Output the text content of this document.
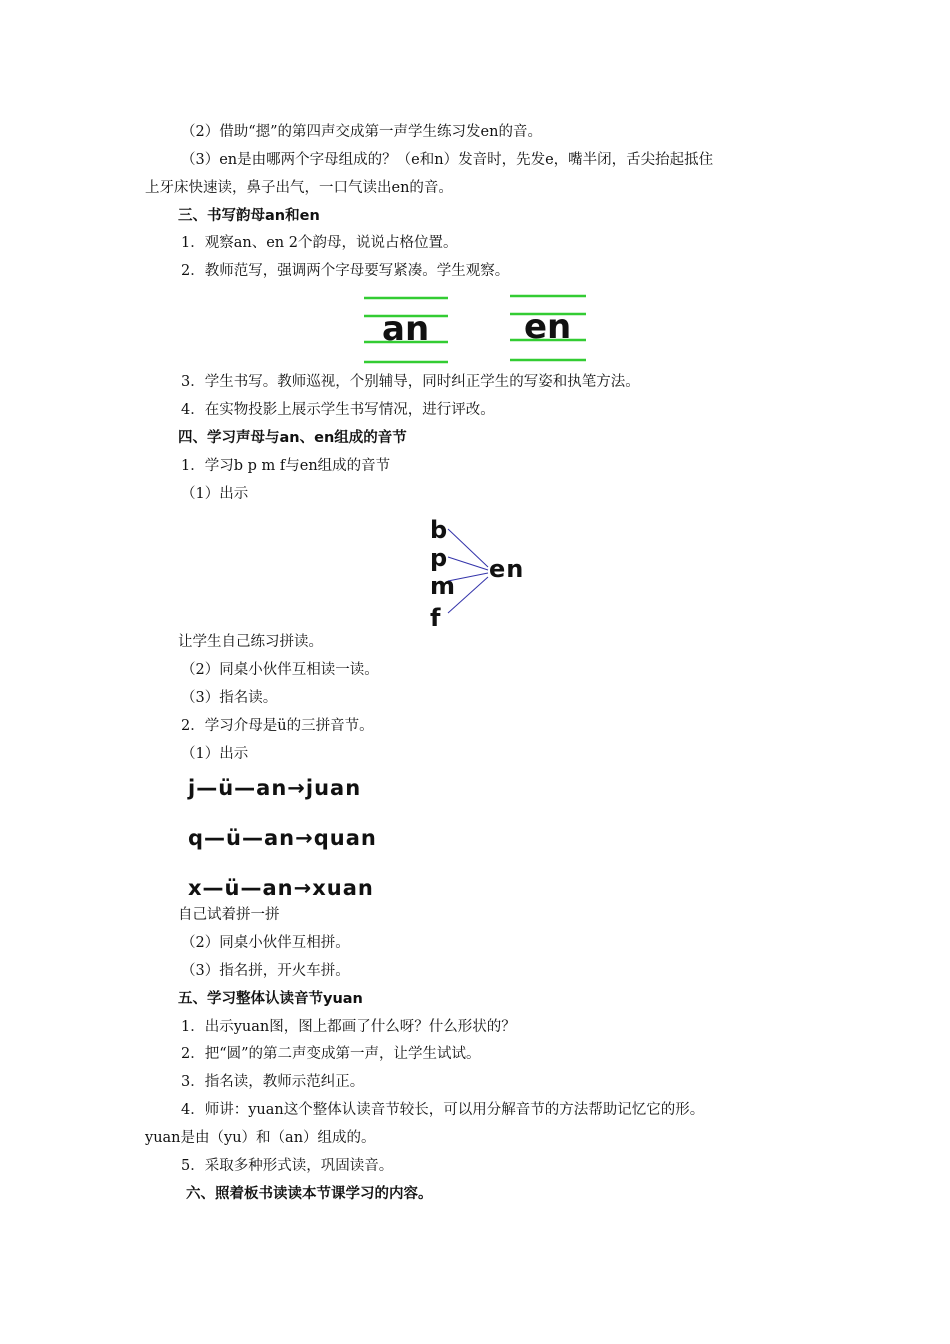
（2）借助“摁”的第四声交成第一声学生练习发en的音。
（3）en是由哪两个字母组成的？（e和n）发音时，先发e，嘴半闭，舌尖抬起抵住
上牙床快速读，鼻子出气，一口气读出en的音。
三、书写韵母an和en
1．观察an、en 2个韵母，说说占格位置。
2．教师范写，强调两个字母要写紧凑。学生观察。
an	en
3．学生书写。教师巡视，个别辅导，同时纠正学生的写姿和执笔方法。
4．在实物投影上展示学生书写情况，进行评改。
四、学习声母与an、en组成的音节
1．学习b p m f与en组成的音节
（1）出示
b
p
m
f
en
让学生自己练习拼读。
（2）同桌小伙伴互相读一读。
（3）指名读。
2．学习介母是ü的三拼音节。
（1）出示
j—ü—an→juan
q—ü—an→quan
x—ü—an→xuan
自己试着拼一拼
（2）同桌小伙伴互相拼。
（3）指名拼，开火车拼。
五、学习整体认读音节yuan
1．出示yuan图，图上都画了什么呀？什么形状的？
2．把“圆”的第二声变成第一声，让学生试试。
3．指名读，教师示范纠正。
4．师讲：yuan这个整体认读音节较长，可以用分解音节的方法帮助记忆它的形。
yuan是由（yu）和（an）组成的。
5．采取多种形式读，巩固读音。
六、照着板书读读本节课学习的内容。
